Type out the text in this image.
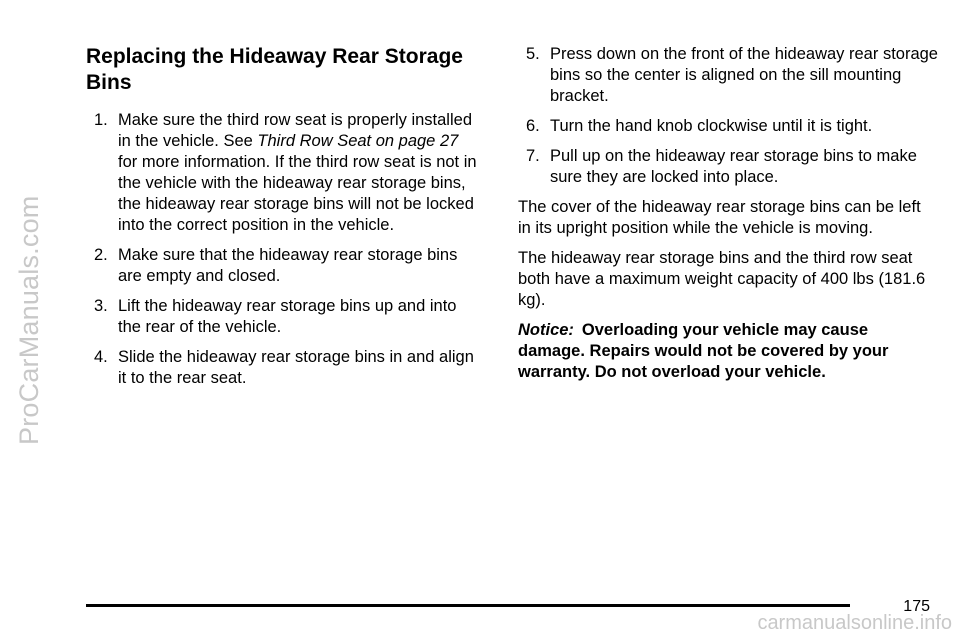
ProCarManuals.com
Replacing the Hideaway Rear Storage Bins
1. Make sure the third row seat is properly installed in the vehicle. See Third Row Seat on page 27 for more information. If the third row seat is not in the vehicle with the hideaway rear storage bins, the hideaway rear storage bins will not be locked into the correct position in the vehicle.
2. Make sure that the hideaway rear storage bins are empty and closed.
3. Lift the hideaway rear storage bins up and into the rear of the vehicle.
4. Slide the hideaway rear storage bins in and align it to the rear seat.
5. Press down on the front of the hideaway rear storage bins so the center is aligned on the sill mounting bracket.
6. Turn the hand knob clockwise until it is tight.
7. Pull up on the hideaway rear storage bins to make sure they are locked into place.

The cover of the hideaway rear storage bins can be left in its upright position while the vehicle is moving.

The hideaway rear storage bins and the third row seat both have a maximum weight capacity of 400 lbs (181.6 kg).

Notice: Overloading your vehicle may cause damage. Repairs would not be covered by your warranty. Do not overload your vehicle.

175
carmanualsonline.info
